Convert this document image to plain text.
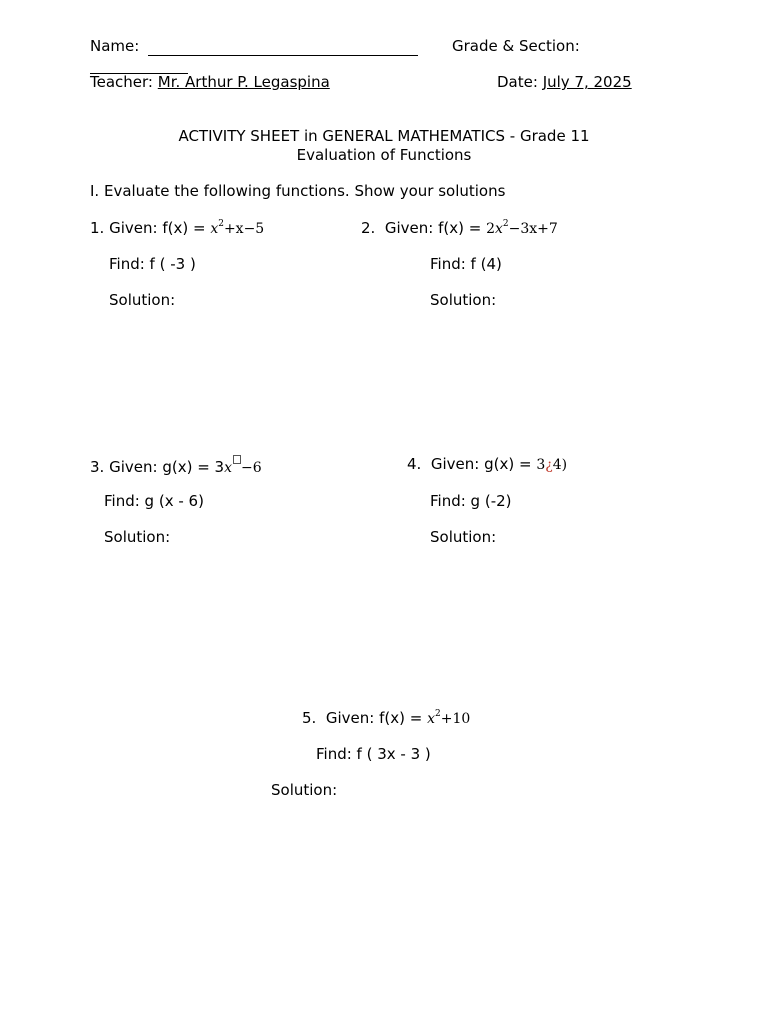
Name:	Grade & Section:

Teacher: Mr. Arthur P. Legaspina	Date: July 7, 2025
ACTIVITY SHEET in GENERAL MATHEMATICS - Grade 11
Evaluation of Functions
I. Evaluate the following functions. Show your solutions
1. Given: $f(x) = x^2+x-5$
Find: f ( -3 )
Solution:
2. Given: $f(x) = 2x^2-3x+7$
Find: f (4)
Solution:
3. Given: g(x) = 3x −6
Find: g (x - 6)
Solution:
4. Given: g(x) = 3¿4)
Find: g (-2)
Solution:
5. Given: $f(x) = x^2+10$
Find: f ( 3x - 3 )
Solution:
